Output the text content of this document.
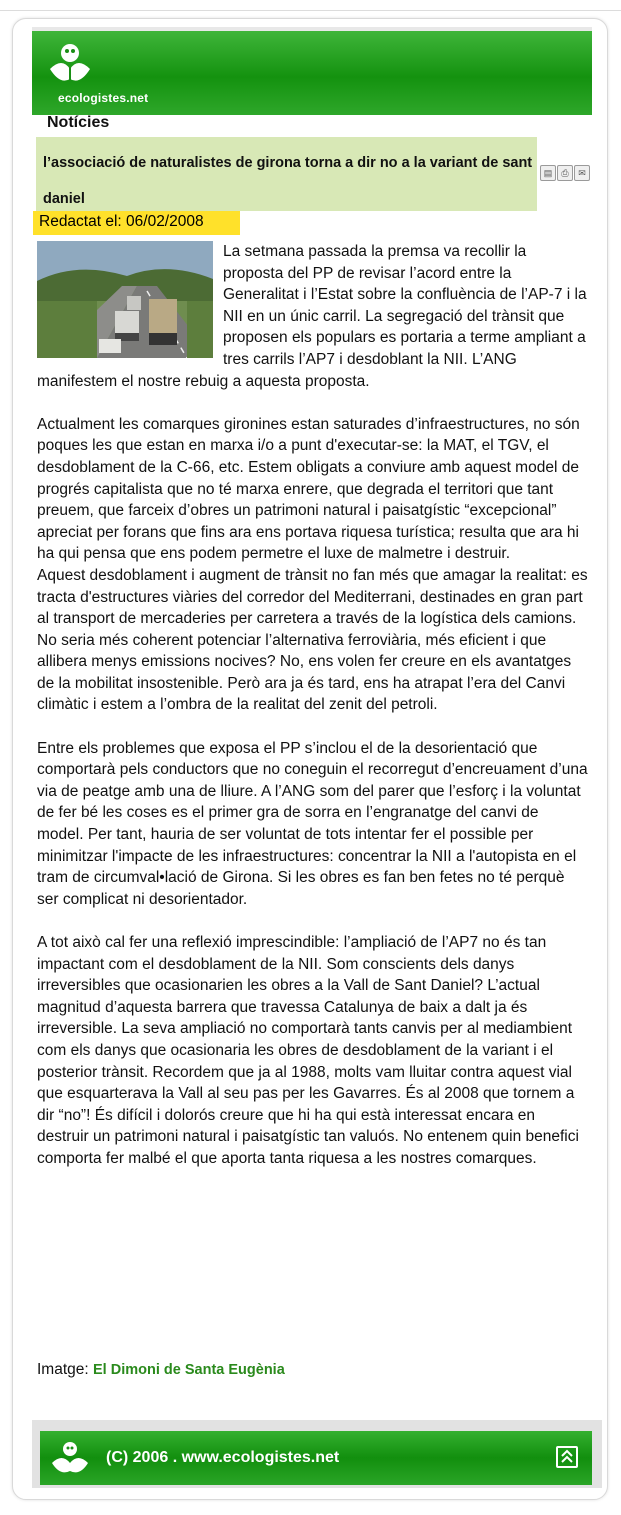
ecologistes.net
Notícies
l’associació de naturalistes de girona torna a dir no a la variant de sant daniel
▤	⎙	✉
Redactat el: 06/02/2008

La setmana passada la premsa va recollir la proposta del PP de revisar l’acord entre la Generalitat i l’Estat sobre la confluència de l’AP-7 i la NII en un únic carril. La segregació del trànsit que proposen els populars es portaria a terme ampliant a tres carrils l’AP7 i desdoblant la NII. L’ANG manifestem el nostre rebuig a aquesta proposta.

Actualment les comarques gironines estan saturades d’infraestructures, no són poques les que estan en marxa i/o a punt d'executar-se: la MAT, el TGV, el desdoblament de la C-66, etc. Estem obligats a conviure amb aquest model de progrés capitalista que no té marxa enrere, que degrada el territori que tant preuem, que farceix d’obres un patrimoni natural i paisatgístic “excepcional” apreciat per forans que fins ara ens portava riquesa turística; resulta que ara hi ha qui pensa que ens podem permetre el luxe de malmetre i destruir.

Aquest desdoblament i augment de trànsit no fan més que amagar la realitat: es tracta d'estructures viàries del corredor del Mediterrani, destinades en gran part al transport de mercaderies per carretera a través de la logística dels camions. No seria més coherent potenciar l’alternativa ferroviària, més eficient i que allibera menys emissions nocives? No, ens volen fer creure en els avantatges de la mobilitat insostenible. Però ara ja és tard, ens ha atrapat l’era del Canvi climàtic i estem a l’ombra de la realitat del zenit del petroli.

Entre els problemes que exposa el PP s’inclou el de la desorientació que comportarà pels conductors que no coneguin el recorregut d’encreuament d’una via de peatge amb una de lliure. A l’ANG som del parer que l’esforç i la voluntat de fer bé les coses es el primer gra de sorra en l’engranatge del canvi de model. Per tant, hauria de ser voluntat de tots intentar fer el possible per minimitzar l'impacte de les infraestructures: concentrar la NII a l'autopista en el tram de circumval•lació de Girona. Si les obres es fan ben fetes no té perquè ser complicat ni desorientador.

A tot això cal fer una reflexió imprescindible: l’ampliació de l’AP7 no és tan impactant com el desdoblament de la NII. Som conscients dels danys irreversibles que ocasionarien les obres a la Vall de Sant Daniel? L’actual magnitud d’aquesta barrera que travessa Catalunya de baix a dalt ja és irreversible. La seva ampliació no comportarà tants canvis per al mediambient com els danys que ocasionaria les obres de desdoblament de la variant i el posterior trànsit. Recordem que ja al 1988, molts vam lluitar contra aquest vial que esquarterava la Vall al seu pas per les Gavarres. És al 2008 que tornem a dir “no”! És difícil i dolorós creure que hi ha qui està interessat encara en destruir un patrimoni natural i paisatgístic tan valuós. No entenem quin benefici comporta fer malbé el que aporta tanta riquesa a les nostres comarques.

Imatge: El Dimoni de Santa Eugènia
(C) 2006 . www.ecologistes.net
